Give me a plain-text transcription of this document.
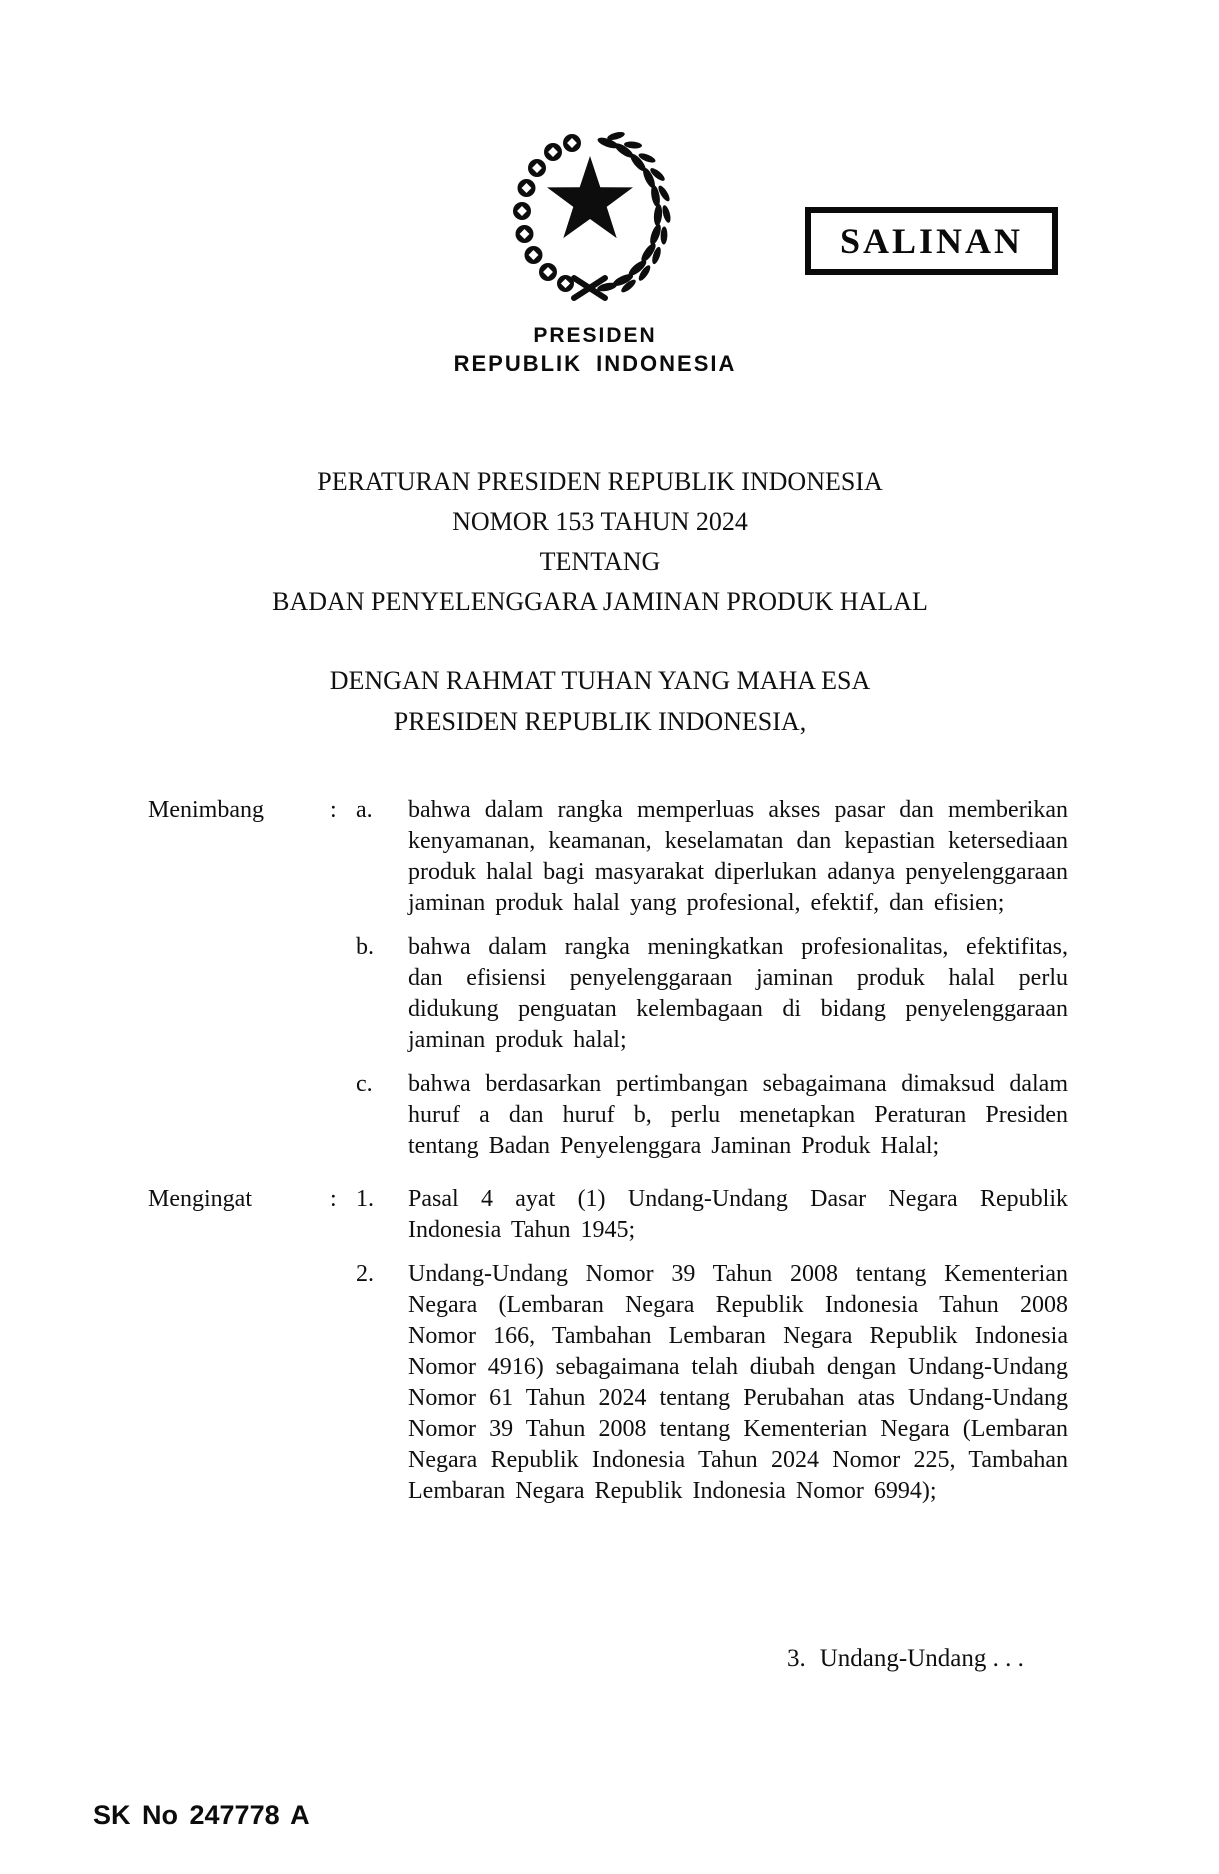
SALINAN
PRESIDEN
REPUBLIK INDONESIA
PERATURAN PRESIDEN REPUBLIK INDONESIA
NOMOR 153 TAHUN 2024
TENTANG
BADAN PENYELENGGARA JAMINAN PRODUK HALAL
DENGAN RAHMAT TUHAN YANG MAHA ESA
PRESIDEN REPUBLIK INDONESIA,
Menimbang	: a.	bahwa dalam rangka memperluas akses pasar dan memberikan kenyamanan, keamanan, keselamatan dan kepastian ketersediaan produk halal bagi masyarakat diperlukan adanya penyelenggaraan jaminan produk halal yang profesional, efektif, dan efisien;

b.	bahwa dalam rangka meningkatkan profesionalitas, efektifitas, dan efisiensi penyelenggaraan jaminan produk halal perlu didukung penguatan kelembagaan di bidang penyelenggaraan jaminan produk halal;

c.	bahwa berdasarkan pertimbangan sebagaimana dimaksud dalam huruf a dan huruf b, perlu menetapkan Peraturan Presiden tentang Badan Penyelenggara Jaminan Produk Halal;

Mengingat	: 1.	Pasal 4 ayat (1) Undang-Undang Dasar Negara Republik Indonesia Tahun 1945;

2.	Undang-Undang Nomor 39 Tahun 2008 tentang Kementerian Negara (Lembaran Negara Republik Indonesia Tahun 2008 Nomor 166, Tambahan Lembaran Negara Republik Indonesia Nomor 4916) sebagaimana telah diubah dengan Undang-Undang Nomor 61 Tahun 2024 tentang Perubahan atas Undang-Undang Nomor 39 Tahun 2008 tentang Kementerian Negara (Lembaran Negara Republik Indonesia Tahun 2024 Nomor 225, Tambahan Lembaran Negara Republik Indonesia Nomor 6994);

3. Undang-Undang . . .
SK No 247778 A
